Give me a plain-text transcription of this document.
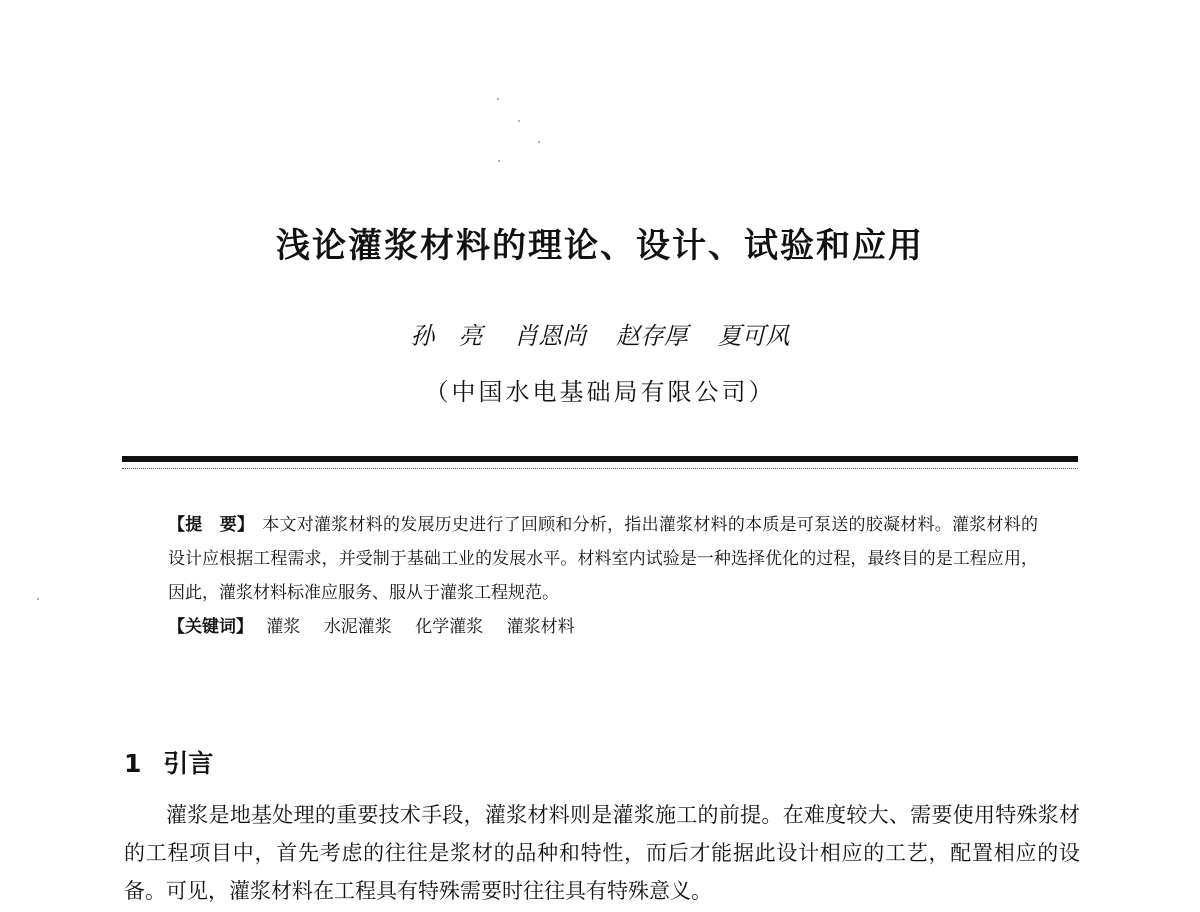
浅论灌浆材料的理论、设计、试验和应用
孙　亮 肖恩尚 赵存厚 夏可风
（中国水电基础局有限公司）

【提　要】 本文对灌浆材料的发展历史进行了回顾和分析，指出灌浆材料的本质是可泵送的胶凝材料。灌浆材料的设计应根据工程需求，并受制于基础工业的发展水平。材料室内试验是一种选择优化的过程，最终目的是工程应用，因此，灌浆材料标准应服务、服从于灌浆工程规范。

【关键词】 灌浆 水泥灌浆 化学灌浆 灌浆材料

1 引言

灌浆是地基处理的重要技术手段，灌浆材料则是灌浆施工的前提。在难度较大、需要使用特殊浆材的工程项目中，首先考虑的往往是浆材的品种和特性，而后才能据此设计相应的工艺，配置相应的设备。可见，灌浆材料在工程具有特殊需要时往往具有特殊意义。
